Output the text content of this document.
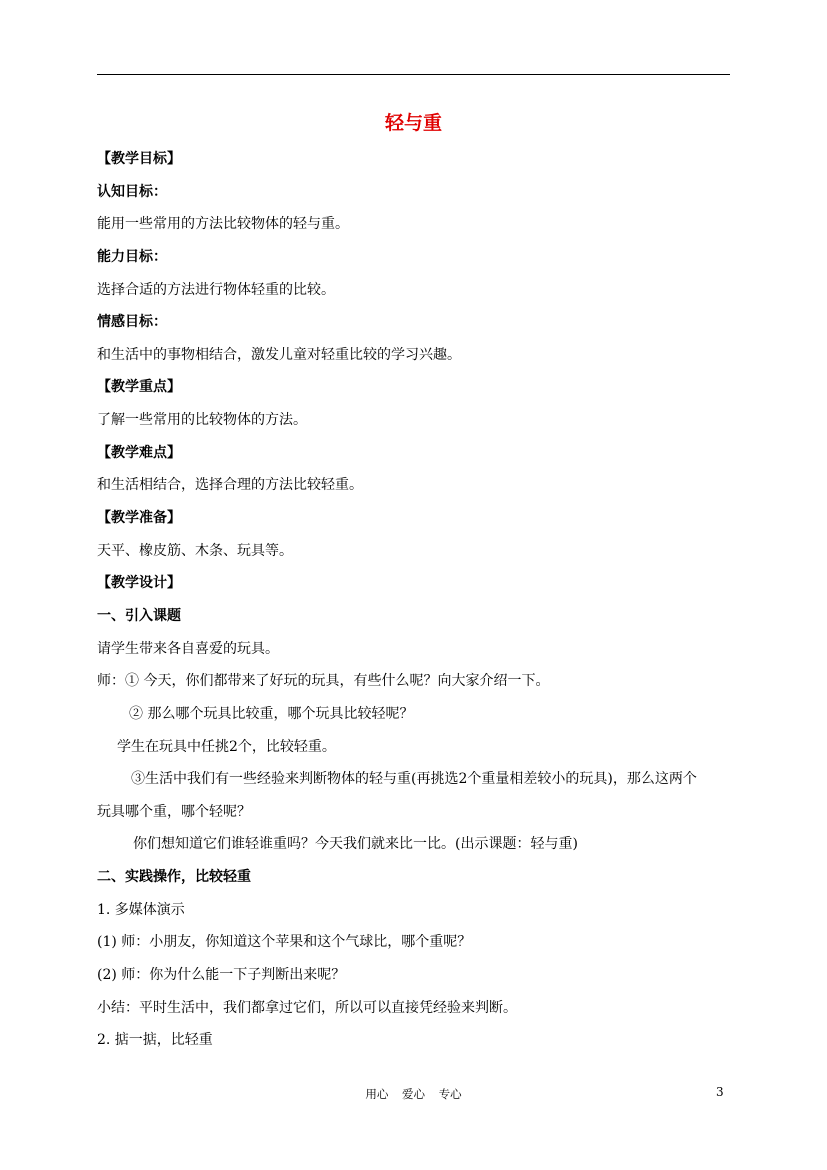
轻与重
【教学目标】
认知目标：
能用一些常用的方法比较物体的轻与重。
能力目标：
选择合适的方法进行物体轻重的比较。
情感目标：
和生活中的事物相结合，激发儿童对轻重比较的学习兴趣。
【教学重点】
了解一些常用的比较物体的方法。
【教学难点】
和生活相结合，选择合理的方法比较轻重。
【教学准备】
天平、橡皮筋、木条、玩具等。
【教学设计】
一、引入课题
请学生带来各自喜爱的玩具。
师：① 今天，你们都带来了好玩的玩具，有些什么呢？向大家介绍一下。
② 那么哪个玩具比较重，哪个玩具比较轻呢？
学生在玩具中任挑2个，比较轻重。
③生活中我们有一些经验来判断物体的轻与重(再挑选2个重量相差较小的玩具)，那么这两个
玩具哪个重，哪个轻呢？
你们想知道它们谁轻谁重吗？今天我们就来比一比。(出示课题：轻与重)
二、实践操作，比较轻重
1. 多媒体演示
(1) 师：小朋友，你知道这个苹果和这个气球比，哪个重呢？
(2) 师：你为什么能一下子判断出来呢？
小结：平时生活中，我们都拿过它们，所以可以直接凭经验来判断。
2. 掂一掂，比轻重
用心 爱心 专心	3
